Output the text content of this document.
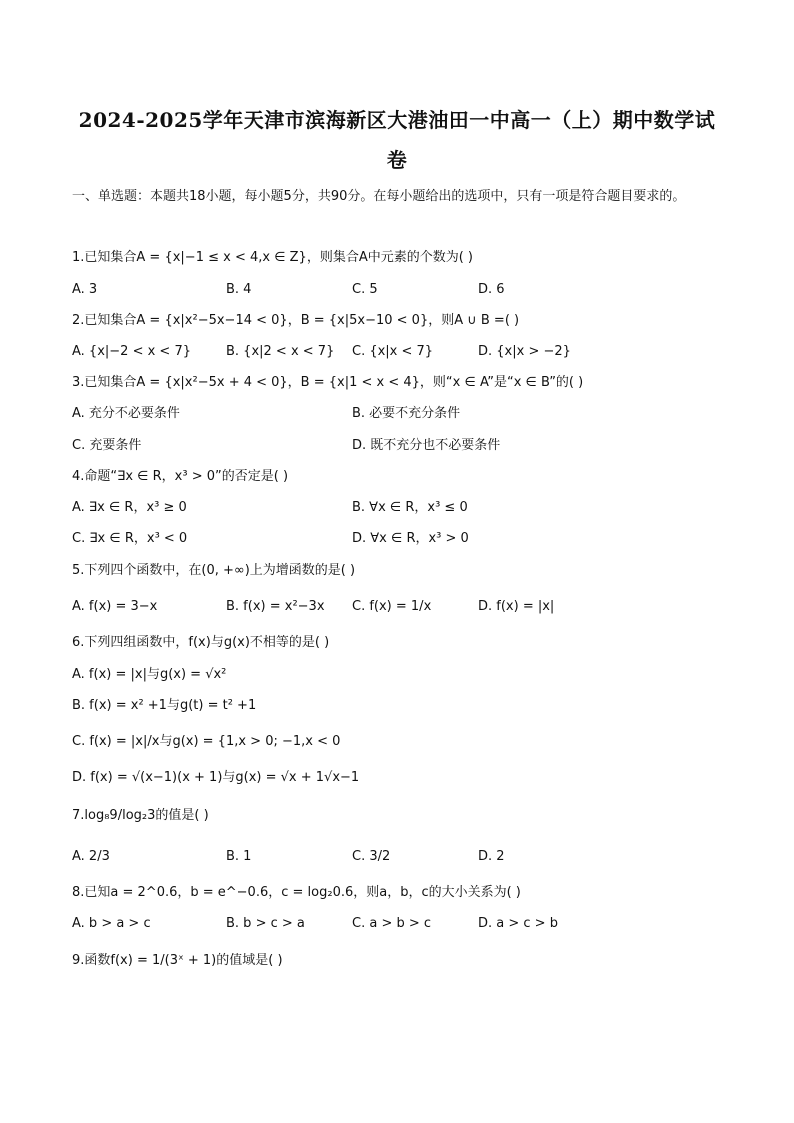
2024-2025学年天津市滨海新区大港油田一中高一（上）期中数学试
卷
一、单选题：本题共18小题，每小题5分，共90分。在每小题给出的选项中，只有一项是符合题目要求的。
1.已知集合A = {x|−1 ≤ x < 4,x ∈ Z}，则集合A中元素的个数为( )
A. 3	B. 4	C. 5	D. 6
2.已知集合A = {x|x²−5x−14 < 0}，B = {x|5x−10 < 0}，则A ∪ B =( )
A. {x|−2 < x < 7}	B. {x|2 < x < 7} C. {x|x < 7}	D. {x|x > −2}
3.已知集合A = {x|x²−5x + 4 < 0}，B = {x|1 < x < 4}，则“x ∈ A”是“x ∈ B”的( )
A. 充分不必要条件	B. 必要不充分条件
C. 充要条件	D. 既不充分也不必要条件
4.命题“∃x ∈ R，x³ > 0”的否定是( )
A. ∃x ∈ R，x³ ≥ 0	B. ∀x ∈ R，x³ ≤ 0
C. ∃x ∈ R，x³ < 0	D. ∀x ∈ R，x³ > 0
5.下列四个函数中，在(0, +∞)上为增函数的是( )
A. f(x) = 3−x	B. f(x) = x²−3x C. f(x) = 1/x	D. f(x) = |x|
6.下列四组函数中，f(x)与g(x)不相等的是( )
A. f(x) = |x|与g(x) = √x²
B. f(x) = x² +1与g(t) = t² +1
C. f(x) = |x|/x与g(x) = {1,x > 0; −1,x < 0
D. f(x) = √(x−1)(x + 1)与g(x) = √x + 1√x−1
7.log₈9/log₂3的值是( )
A. 2/3	B. 1	C. 3/2	D. 2
8.已知a = 2^0.6，b = e^−0.6，c = log₂0.6，则a，b，c的大小关系为( )
A. b > a > c	B. b > c > a	C. a > b > c	D. a > c > b
9.函数f(x) = 1/(3ˣ + 1)的值域是( )
